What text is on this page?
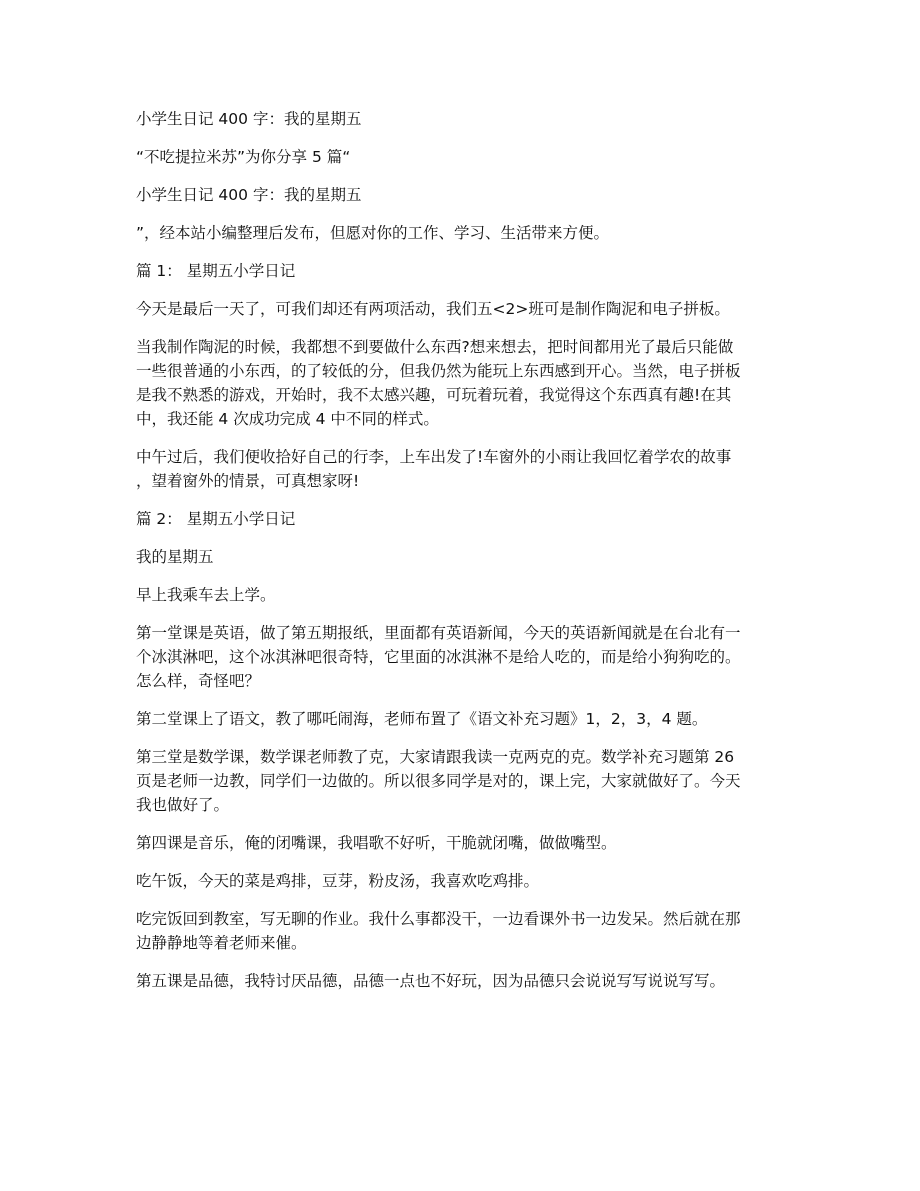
小学生日记 400 字：我的星期五

“不吃提拉米苏”为你分享 5 篇“

小学生日记 400 字：我的星期五

”，经本站小编整理后发布，但愿对你的工作、学习、生活带来方便。

篇 1： 星期五小学日记

今天是最后一天了，可我们却还有两项活动，我们五<2>班可是制作陶泥和电子拼板。

当我制作陶泥的时候，我都想不到要做什么东西?想来想去，把时间都用光了最后只能做
一些很普通的小东西，的了较低的分，但我仍然为能玩上东西感到开心。当然，电子拼板
是我不熟悉的游戏，开始时，我不太感兴趣，可玩着玩着，我觉得这个东西真有趣!在其
中，我还能 4 次成功完成 4 中不同的样式。

中午过后，我们便收拾好自己的行李，上车出发了!车窗外的小雨让我回忆着学农的故事
，望着窗外的情景，可真想家呀!

篇 2： 星期五小学日记

我的星期五

早上我乘车去上学。

第一堂课是英语，做了第五期报纸，里面都有英语新闻，今天的英语新闻就是在台北有一
个冰淇淋吧，这个冰淇淋吧很奇特，它里面的冰淇淋不是给人吃的，而是给小狗狗吃的。
怎么样，奇怪吧？

第二堂课上了语文，教了哪吒闹海，老师布置了《语文补充习题》1，2，3，4 题。

第三堂是数学课，数学课老师教了克，大家请跟我读一克两克的克。数学补充习题第 26
页是老师一边教，同学们一边做的。所以很多同学是对的，课上完，大家就做好了。今天
我也做好了。

第四课是音乐，俺的闭嘴课，我唱歌不好听，干脆就闭嘴，做做嘴型。

吃午饭，今天的菜是鸡排，豆芽，粉皮汤，我喜欢吃鸡排。

吃完饭回到教室，写无聊的作业。我什么事都没干，一边看课外书一边发呆。然后就在那
边静静地等着老师来催。

第五课是品德，我特讨厌品德，品德一点也不好玩，因为品德只会说说写写说说写写。
